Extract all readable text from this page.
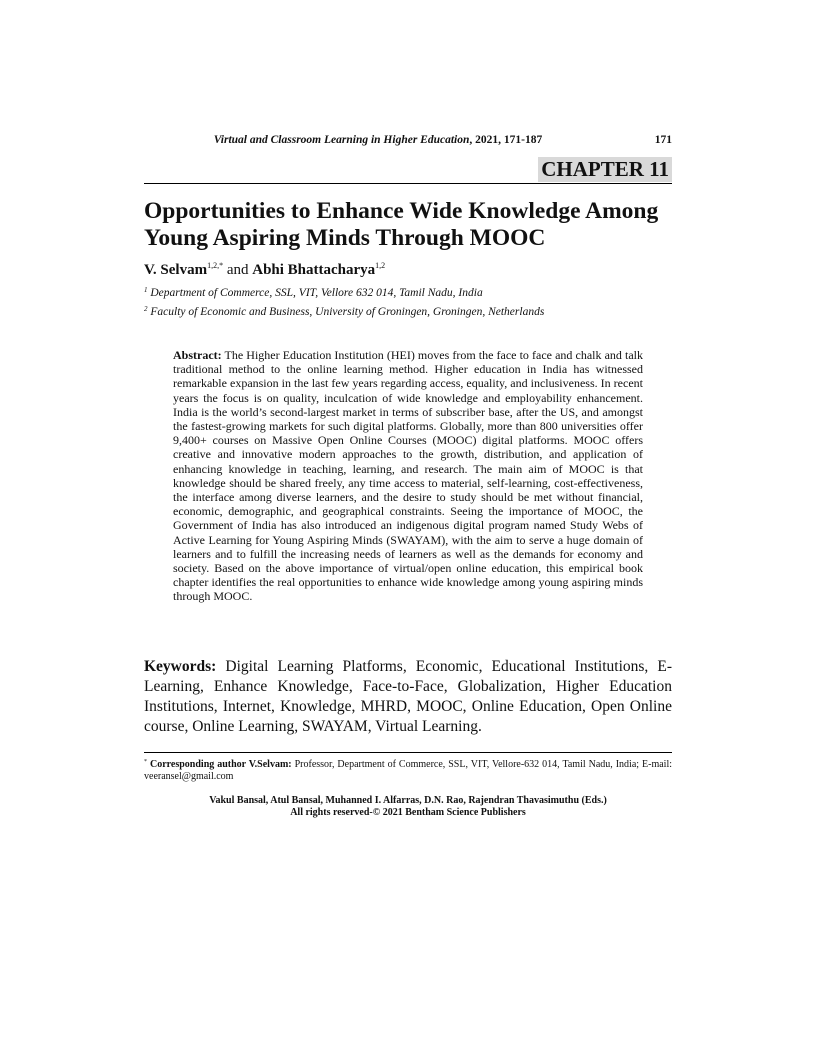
Virtual and Classroom Learning in Higher Education, 2021, 171-187	171
CHAPTER 11
Opportunities to Enhance Wide Knowledge Among Young Aspiring Minds Through MOOC
V. Selvam$^{1,2,*}$ and Abhi Bhattacharya$^{1,2}$
$^1$ Department of Commerce, SSL, VIT, Vellore 632 014, Tamil Nadu, India
$^2$ Faculty of Economic and Business, University of Groningen, Groningen, Netherlands

Abstract: The Higher Education Institution (HEI) moves from the face to face and chalk and talk traditional method to the online learning method. Higher education in India has witnessed remarkable expansion in the last few years regarding access, equality, and inclusiveness. In recent years the focus is on quality, inculcation of wide knowledge and employability enhancement. India is the world’s second-largest market in terms of subscriber base, after the US, and amongst the fastest-growing markets for such digital platforms. Globally, more than 800 universities offer 9,400+ courses on Massive Open Online Courses (MOOC) digital platforms. MOOC offers creative and innovative modern approaches to the growth, distribution, and application of enhancing knowledge in teaching, learning, and research. The main aim of MOOC is that knowledge should be shared freely, any time access to material, self-learning, cost-effectiveness, the interface among diverse learners, and the desire to study should be met without financial, economic, demographic, and geographical constraints. Seeing the importance of MOOC, the Government of India has also introduced an indigenous digital program named Study Webs of Active Learning for Young Aspiring Minds (SWAYAM), with the aim to serve a huge domain of learners and to fulfill the increasing needs of learners as well as the demands for economy and society. Based on the above importance of virtual/open online education, this empirical book chapter identifies the real opportunities to enhance wide knowledge among young aspiring minds through MOOC.

Keywords: Digital Learning Platforms, Economic, Educational Institutions, E-Learning, Enhance Knowledge, Face-to-Face, Globalization, Higher Education Institutions, Internet, Knowledge, MHRD, MOOC, Online Education, Open Online course, Online Learning, SWAYAM, Virtual Learning.

* Corresponding author V.Selvam: Professor, Department of Commerce, SSL, VIT, Vellore-632 014, Tamil Nadu, India; E-mail: veeransel@gmail.com

Vakul Bansal, Atul Bansal, Muhanned I. Alfarras, D.N. Rao, Rajendran Thavasimuthu (Eds.)
All rights reserved-© 2021 Bentham Science Publishers
